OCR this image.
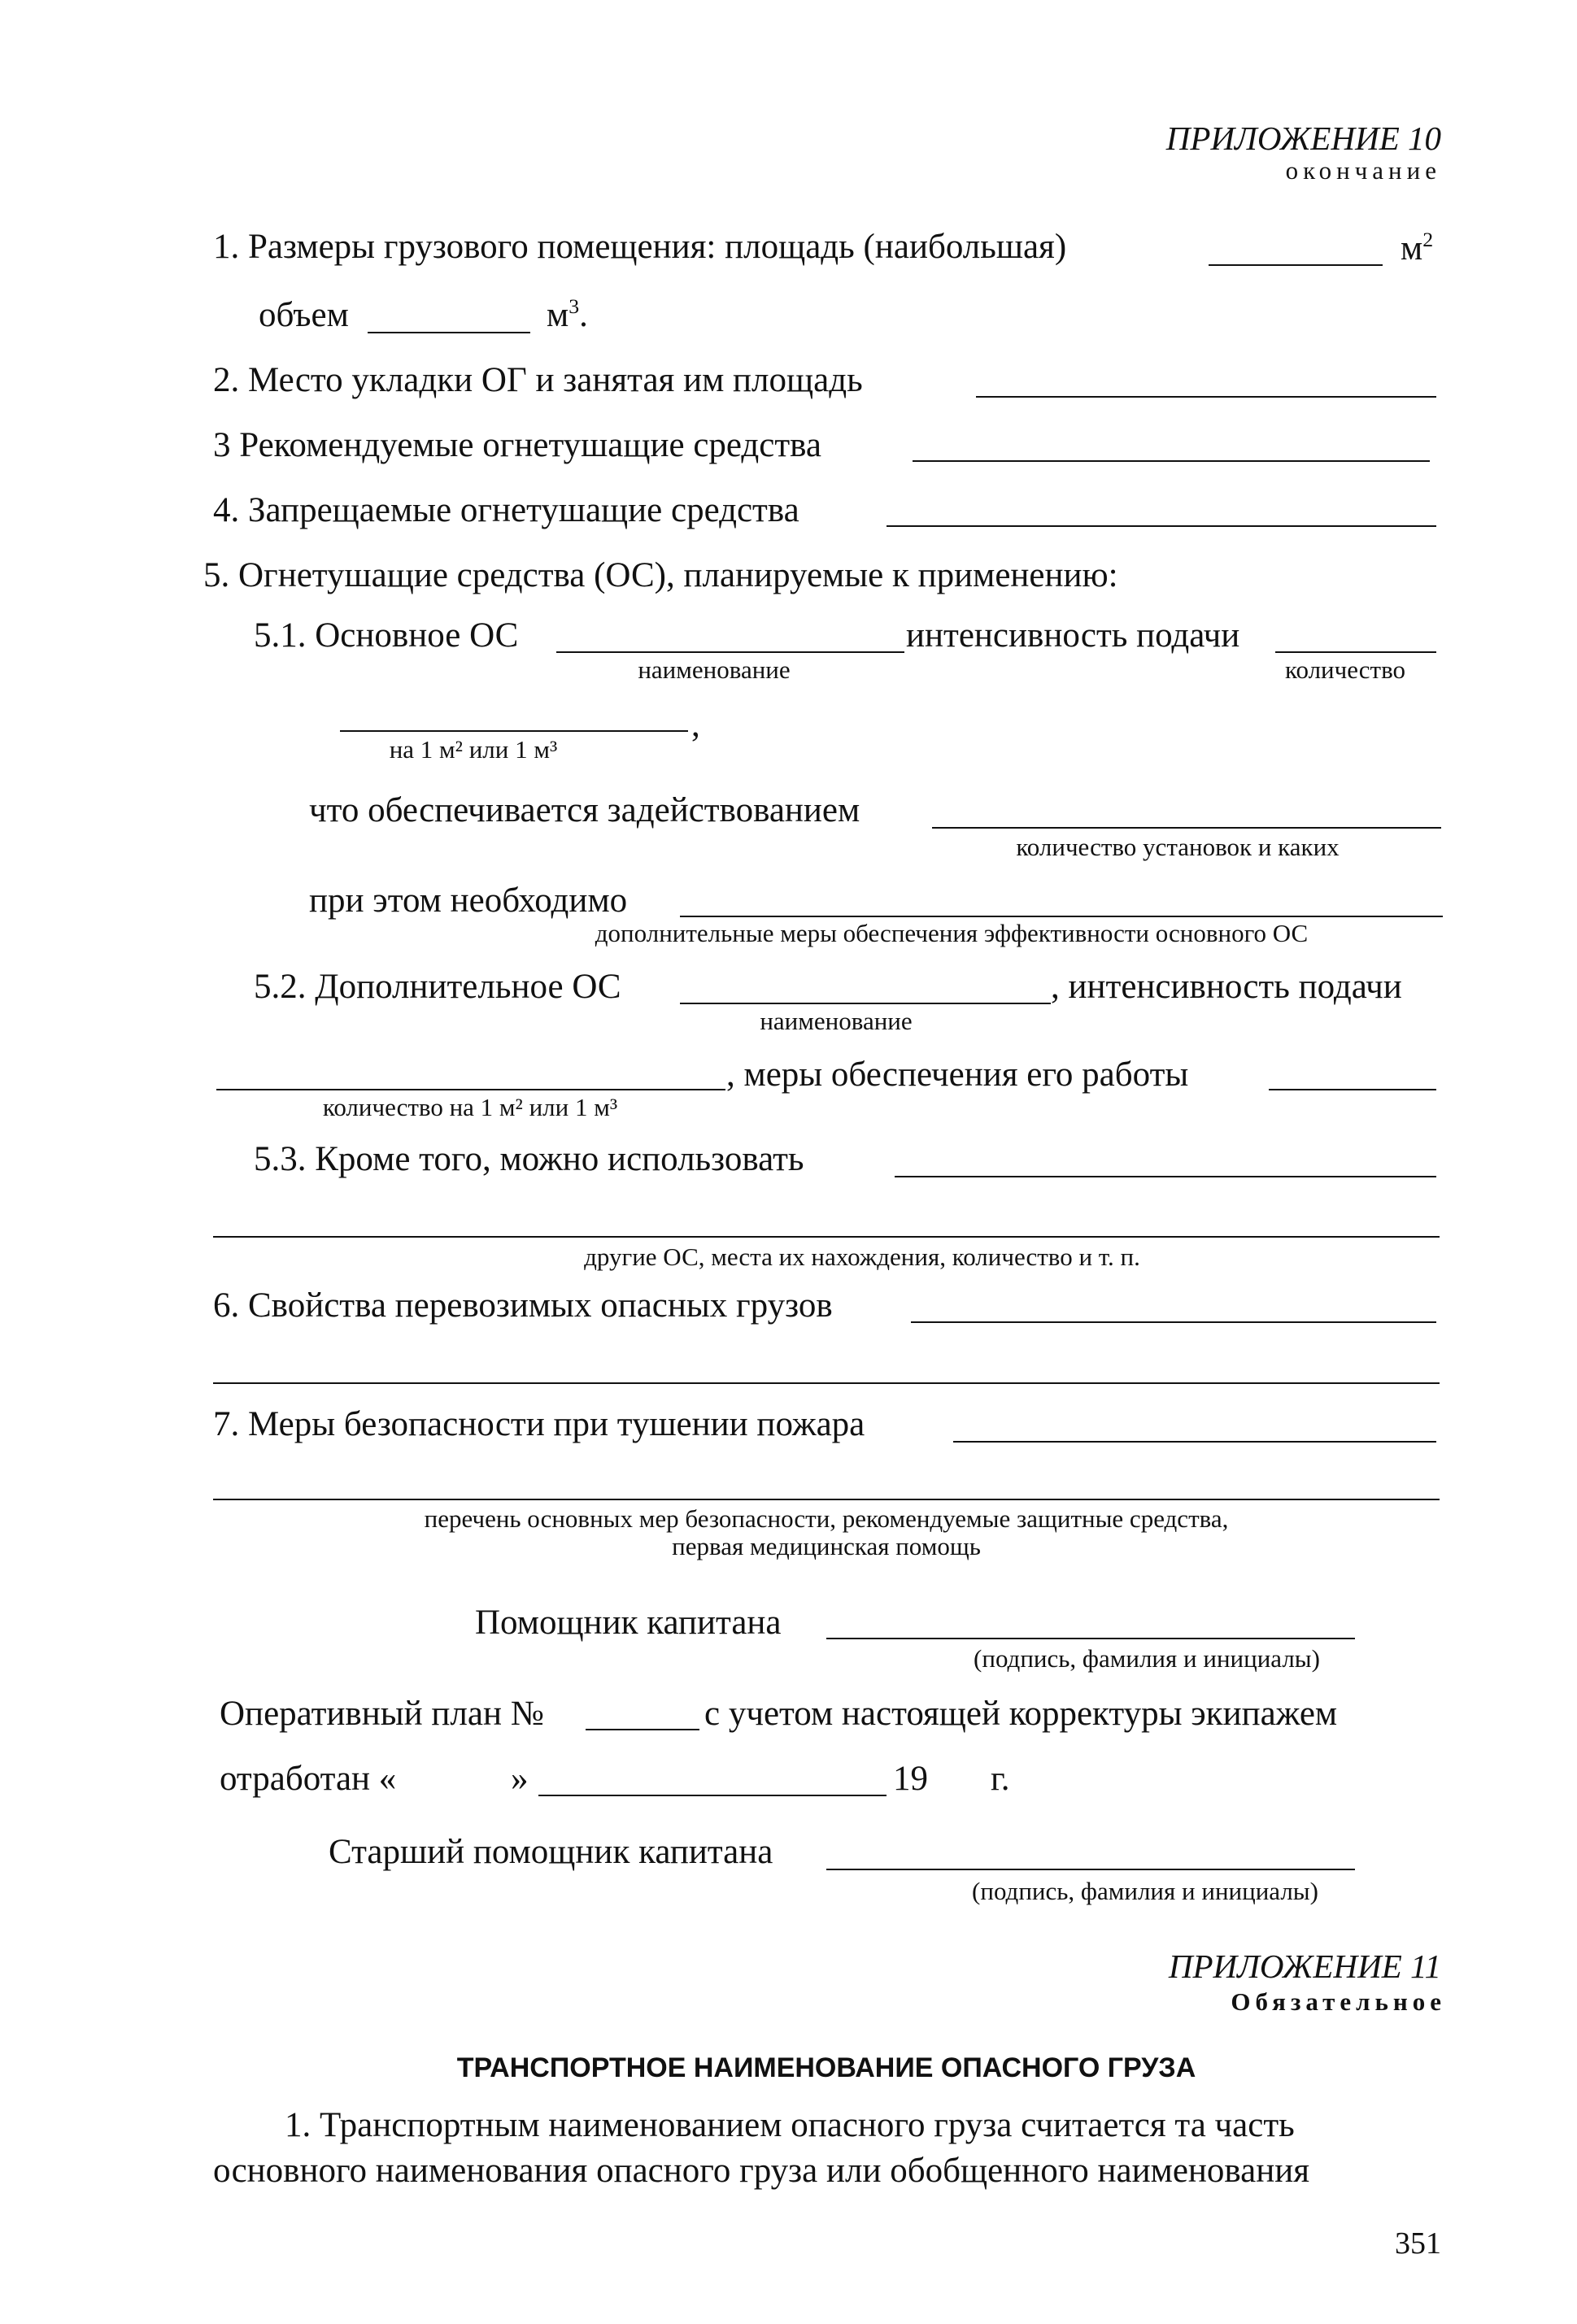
ПРИЛОЖЕНИЕ 10
окончание
1. Размеры грузового помещения: площадь (наибольшая)	$м^2$
объем	$м^3$.
2. Место укладки ОГ и занятая им площадь
3 Рекомендуемые огнетушащие средства
4. Запрещаемые огнетушащие средства
5. Огнетушащие средства (ОС), планируемые к применению:
5.1. Основное ОС	интенсивность подачи
наименование	количество
,
на 1 м² или 1 м³
что обеспечивается задействованием
количество установок и каких
при этом необходимо
дополнительные меры обеспечения эффективности основного ОС
5.2. Дополнительное ОС	, интенсивность подачи
наименование
, меры обеспечения его работы
количество на 1 м² или 1 м³
5.3. Кроме того, можно использовать
другие ОС, места их нахождения, количество и т. п.
6. Свойства перевозимых опасных грузов
7. Меры безопасности при тушении пожара
перечень основных мер безопасности, рекомендуемые защитные средства,
первая медицинская помощь
Помощник капитана
(подпись, фамилия и инициалы)
Оперативный план №	с учетом настоящей корректуры экипажем
отработан «	»	19 г.
Старший помощник капитана
(подпись, фамилия и инициалы)
ПРИЛОЖЕНИЕ 11
Обязательное
ТРАНСПОРТНОЕ НАИМЕНОВАНИЕ ОПАСНОГО ГРУЗА
1. Транспортным наименованием опасного груза считается та часть
основного наименования опасного груза или обобщенного наименования
351
